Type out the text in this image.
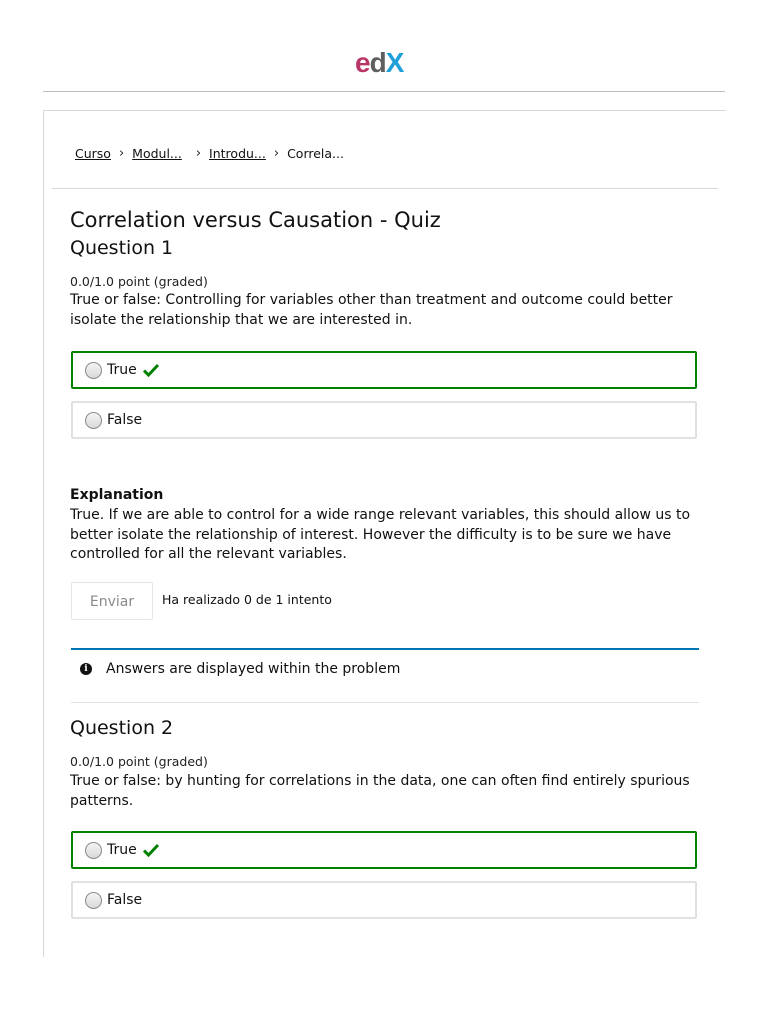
e d X
Curso › Modul... › Introdu... › Correla...
Correlation versus Causation - Quiz
Question 1
0.0/1.0 point (graded)
True or false: Controlling for variables other than treatment and outcome could better isolate the relationship that we are interested in.
True
False
Explanation
True. If we are able to control for a wide range relevant variables, this should allow us to better isolate the relationship of interest. However the difficulty is to be sure we have controlled for all the relevant variables.
Enviar	Ha realizado 0 de 1 intento
i	Answers are displayed within the problem
Question 2
0.0/1.0 point (graded)
True or false: by hunting for correlations in the data, one can often find entirely spurious patterns.
True
False
